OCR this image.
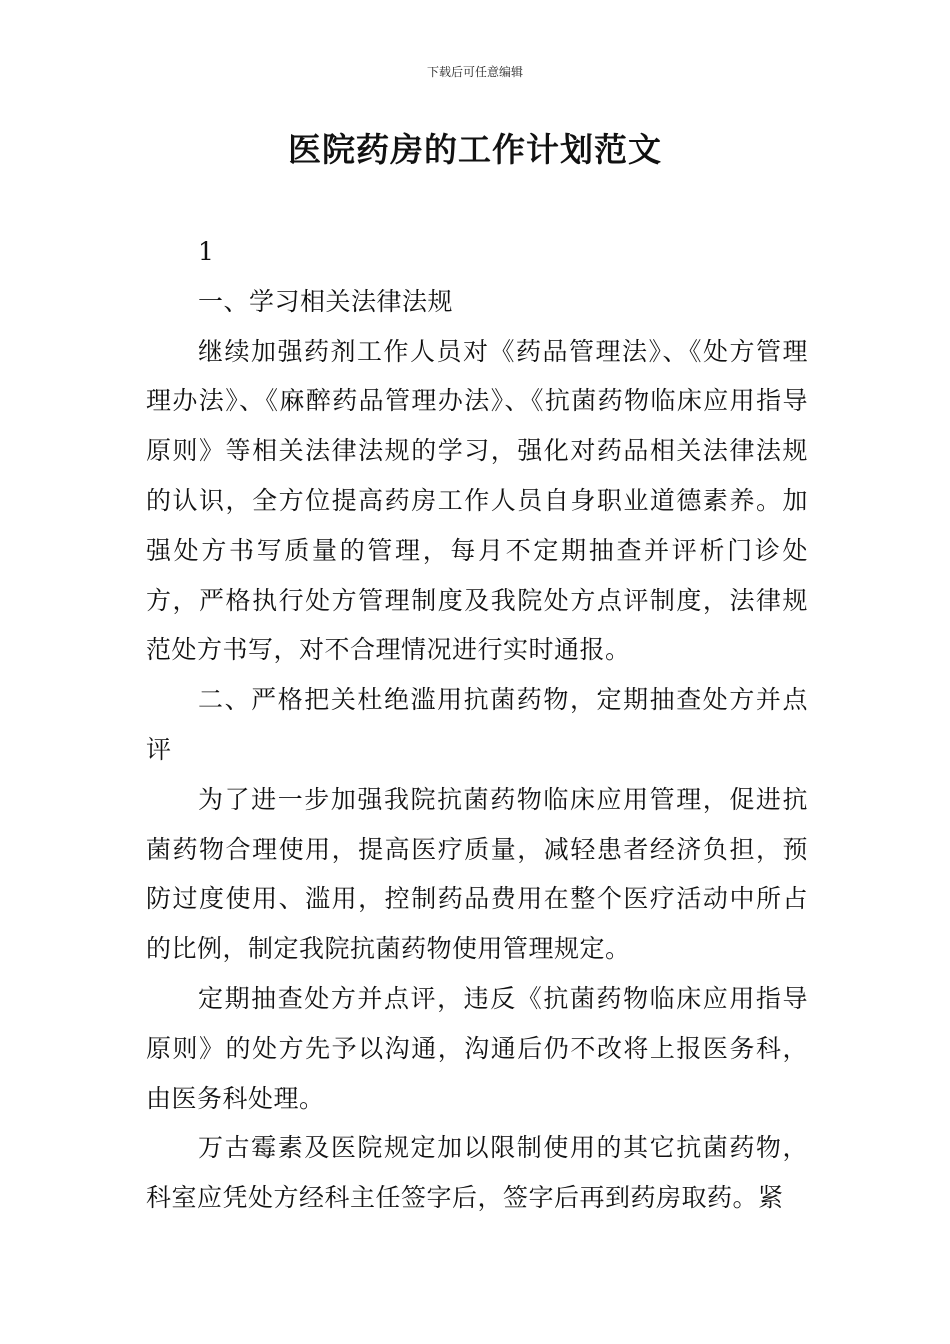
下载后可任意编辑
医院药房的工作计划范文

1

一、学习相关法律法规

继续加强药剂工作人员对《药品管理法》、《处方管理理办法》、《麻醉药品管理办法》、《抗菌药物临床应用指导原则》等相关法律法规的学习，强化对药品相关法律法规的认识，全方位提高药房工作人员自身职业道德素养。加强处方书写质量的管理，每月不定期抽查并评析门诊处方，严格执行处方管理制度及我院处方点评制度，法律规范处方书写，对不合理情况进行实时通报。

二、严格把关杜绝滥用抗菌药物，定期抽查处方并点评

为了进一步加强我院抗菌药物临床应用管理，促进抗菌药物合理使用，提高医疗质量，减轻患者经济负担，预防过度使用、滥用，控制药品费用在整个医疗活动中所占的比例，制定我院抗菌药物使用管理规定。

定期抽查处方并点评，违反《抗菌药物临床应用指导原则》的处方先予以沟通，沟通后仍不改将上报医务科，由医务科处理。

万古霉素及医院规定加以限制使用的其它抗菌药物，科室应凭处方经科主任签字后，签字后再到药房取药。紧
